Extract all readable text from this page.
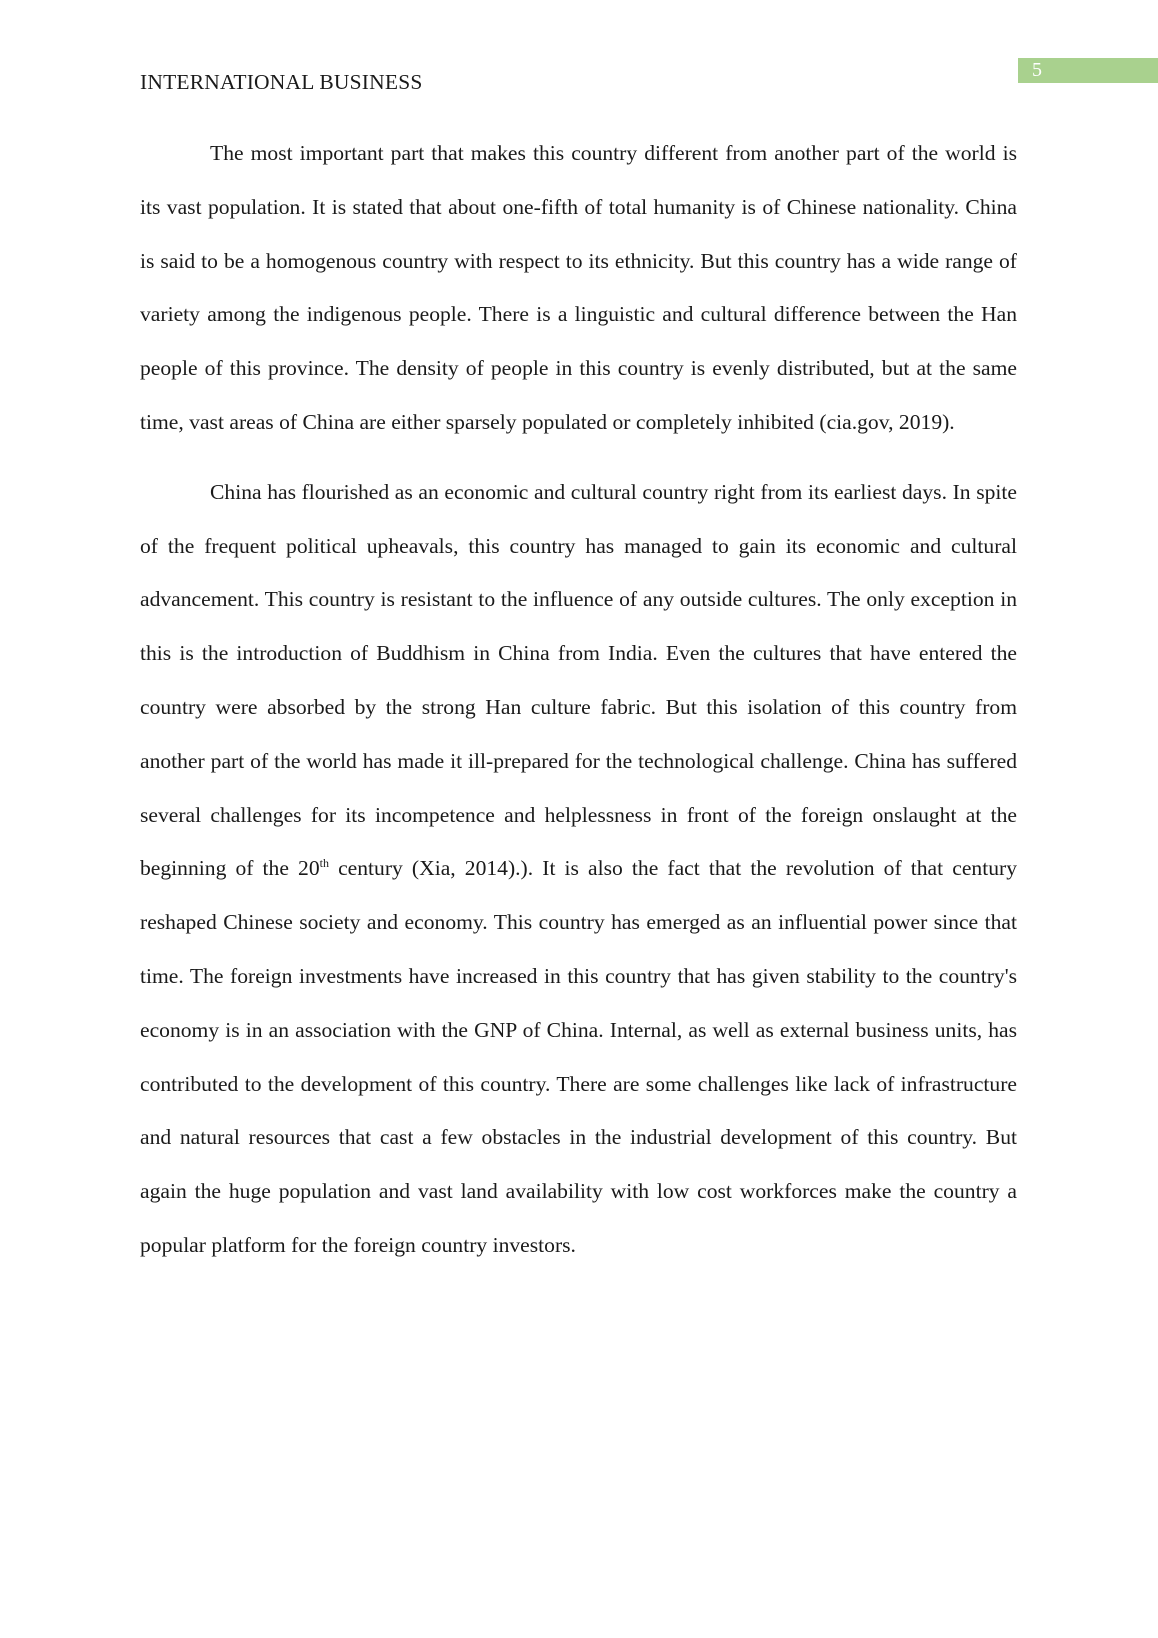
5
INTERNATIONAL BUSINESS

The most important part that makes this country different from another part of the world is its vast population. It is stated that about one-fifth of total humanity is of Chinese nationality. China is said to be a homogenous country with respect to its ethnicity. But this country has a wide range of variety among the indigenous people. There is a linguistic and cultural difference between the Han people of this province. The density of people in this country is evenly distributed, but at the same time, vast areas of China are either sparsely populated or completely inhibited (cia.gov, 2019).

China has flourished as an economic and cultural country right from its earliest days. In spite of the frequent political upheavals, this country has managed to gain its economic and cultural advancement. This country is resistant to the influence of any outside cultures. The only exception in this is the introduction of Buddhism in China from India. Even the cultures that have entered the country were absorbed by the strong Han culture fabric. But this isolation of this country from another part of the world has made it ill-prepared for the technological challenge. China has suffered several challenges for its incompetence and helplessness in front of the foreign onslaught at the beginning of the 20th century (Xia, 2014).). It is also the fact that the revolution of that century reshaped Chinese society and economy. This country has emerged as an influential power since that time. The foreign investments have increased in this country that has given stability to the country's economy is in an association with the GNP of China. Internal, as well as external business units, has contributed to the development of this country. There are some challenges like lack of infrastructure and natural resources that cast a few obstacles in the industrial development of this country. But again the huge population and vast land availability with low cost workforces make the country a popular platform for the foreign country investors.
